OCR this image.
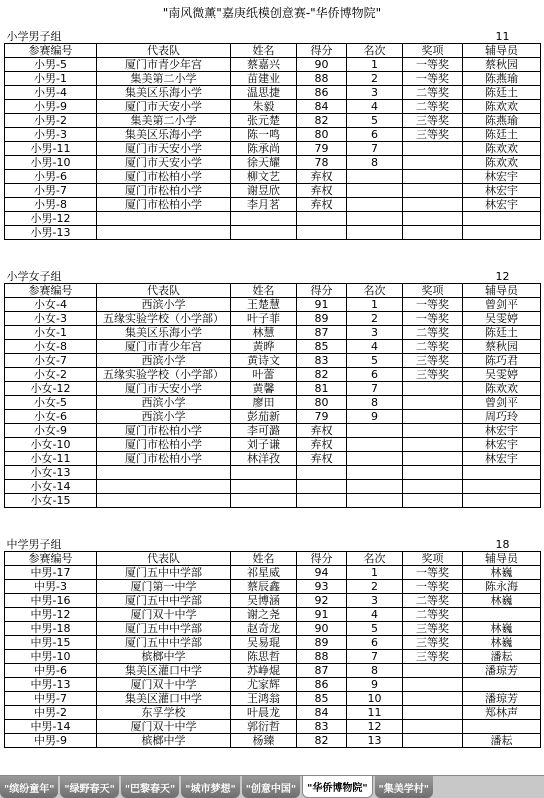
"南风微薰"嘉庚纸模创意赛-"华侨博物院"
小学男子组						11
参赛编号	代表队	姓名	得分	名次	奖项	辅导员
小男-5	厦门市青少年宫	蔡嘉兴	90	1	一等奖	蔡秋园
小男-1	集美第二小学	苗建业	88	2	一等奖	陈燕瑜
小男-4	集美区乐海小学	温思捷	86	3	二等奖	陈廷土
小男-9	厦门市天安小学	朱毅	84	4	二等奖	陈欢欢
小男-2	集美第二小学	张元楚	82	5	三等奖	陈燕瑜
小男-3	集美区乐海小学	陈一鸣	80	6	三等奖	陈廷土
小男-11	厦门市天安小学	陈承尚	79	7		陈欢欢
小男-10	厦门市天安小学	徐天耀	78	8		陈欢欢
小男-6	厦门市松柏小学	柳文艺	弃权			林宏宇
小男-7	厦门市松柏小学	谢昱欣	弃权			林宏宇
小男-8	厦门市松柏小学	李月茗	弃权			林宏宇
小男-12						
小男-13						
小学女子组						12
参赛编号	代表队	姓名	得分	名次	奖项	辅导员
小女-4	西滨小学	王楚慧	91	1	一等奖	曾剑平
小女-3	五缘实验学校（小学部）	叶子菲	89	2	一等奖	吴雯婷
小女-1	集美区乐海小学	林慧	87	3	二等奖	陈廷土
小女-8	厦门市青少年宫	黄晔	85	4	二等奖	蔡秋园
小女-7	西滨小学	黄诗文	83	5	三等奖	陈巧君
小女-2	五缘实验学校（小学部）	叶蕾	82	6	三等奖	吴雯婷
小女-12	厦门市天安小学	黄馨	81	7		陈欢欢
小女-5	西滨小学	廖田	80	8		曾剑平
小女-6	西滨小学	彭茄新	79	9		周巧玲
小女-9	厦门市松柏小学	李可潞	弃权			林宏宇
小女-10	厦门市松柏小学	刘子谦	弃权			林宏宇
小女-11	厦门市松柏小学	林洋孜	弃权			林宏宇
小女-13						
小女-14						
小女-15						
中学男子组						18
参赛编号	代表队	姓名	得分	名次	奖项	辅导员
中男-17	厦门五中中学部	祁星威	94	1	一等奖	林巍
中男-3	厦门第一中学	蔡辰鑫	93	2	一等奖	陈永海
中男-16	厦门五中中学部	吴博涵	92	3	二等奖	林巍
中男-12	厦门双十中学	谢之尧	91	4	二等奖	
中男-18	厦门五中中学部	赵奇龙	90	5	三等奖	林巍
中男-15	厦门五中中学部	吴易琨	89	6	三等奖	林巍
中男-10	槟榔中学	陈思哲	88	7	三等奖	潘耘
中男-6	集美区灌口中学	苏峥焜	87	8		潘琼芳
中男-13	厦门双十中学	尤家辉	86	9		
中男-7	集美区灌口中学	王鸿翁	85	10		潘琼芳
中男-2	东孚学校	叶晨龙	84	11		郑林声
中男-14	厦门双十中学	郭衍哲	83	12		
中男-9	槟榔中学	杨臻	82	13		潘耘
"缤纷童年"	"绿野春天"	"巴黎春天"	"城市梦想"	"创意中国"	"华侨博物院"	"集美学村"
